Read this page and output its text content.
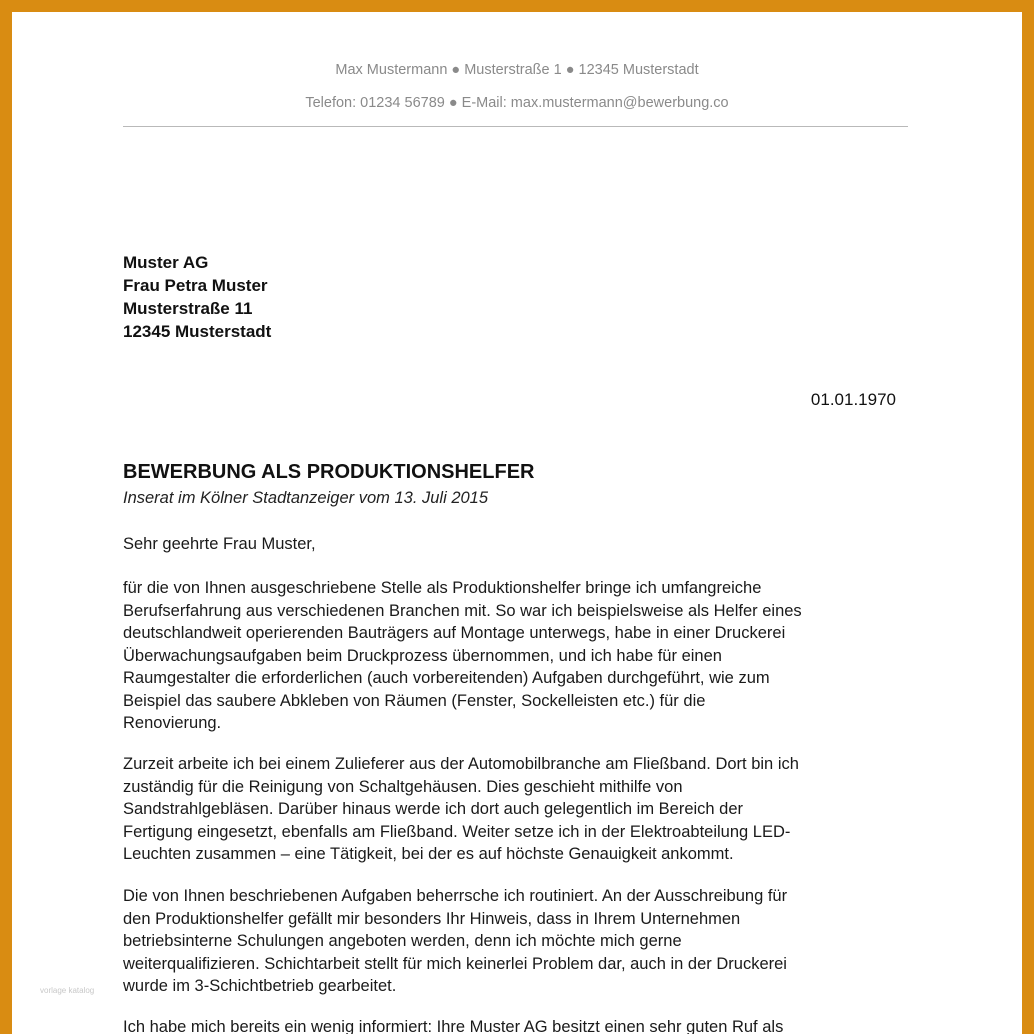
Max Mustermann ● Musterstraße 1 ● 12345 Musterstadt
Telefon: 01234 56789 ● E-Mail: max.mustermann@bewerbung.co
Muster AG
Frau Petra Muster
Musterstraße 11
12345 Musterstadt
01.01.1970
BEWERBUNG ALS PRODUKTIONSHELFER
Inserat im Kölner Stadtanzeiger vom 13. Juli 2015
Sehr geehrte Frau Muster,
für die von Ihnen ausgeschriebene Stelle als Produktionshelfer bringe ich umfangreiche
Berufserfahrung aus verschiedenen Branchen mit. So war ich beispielsweise als Helfer eines
deutschlandweit operierenden Bauträgers auf Montage unterwegs, habe in einer Druckerei
Überwachungsaufgaben beim Druckprozess übernommen, und ich habe für einen
Raumgestalter die erforderlichen (auch vorbereitenden) Aufgaben durchgeführt, wie zum
Beispiel das saubere Abkleben von Räumen (Fenster, Sockelleisten etc.) für die
Renovierung.
Zurzeit arbeite ich bei einem Zulieferer aus der Automobilbranche am Fließband. Dort bin ich
zuständig für die Reinigung von Schaltgehäusen. Dies geschieht mithilfe von
Sandstrahlgebläsen. Darüber hinaus werde ich dort auch gelegentlich im Bereich der
Fertigung eingesetzt, ebenfalls am Fließband. Weiter setze ich in der Elektroabteilung LED-
Leuchten zusammen – eine Tätigkeit, bei der es auf höchste Genauigkeit ankommt.
Die von Ihnen beschriebenen Aufgaben beherrsche ich routiniert. An der Ausschreibung für
den Produktionshelfer gefällt mir besonders Ihr Hinweis, dass in Ihrem Unternehmen
betriebsinterne Schulungen angeboten werden, denn ich möchte mich gerne
weiterqualifizieren. Schichtarbeit stellt für mich keinerlei Problem dar, auch in der Druckerei
wurde im 3-Schichtbetrieb gearbeitet.
Ich habe mich bereits ein wenig informiert: Ihre Muster AG besitzt einen sehr guten Ruf als
vorlage katalog
